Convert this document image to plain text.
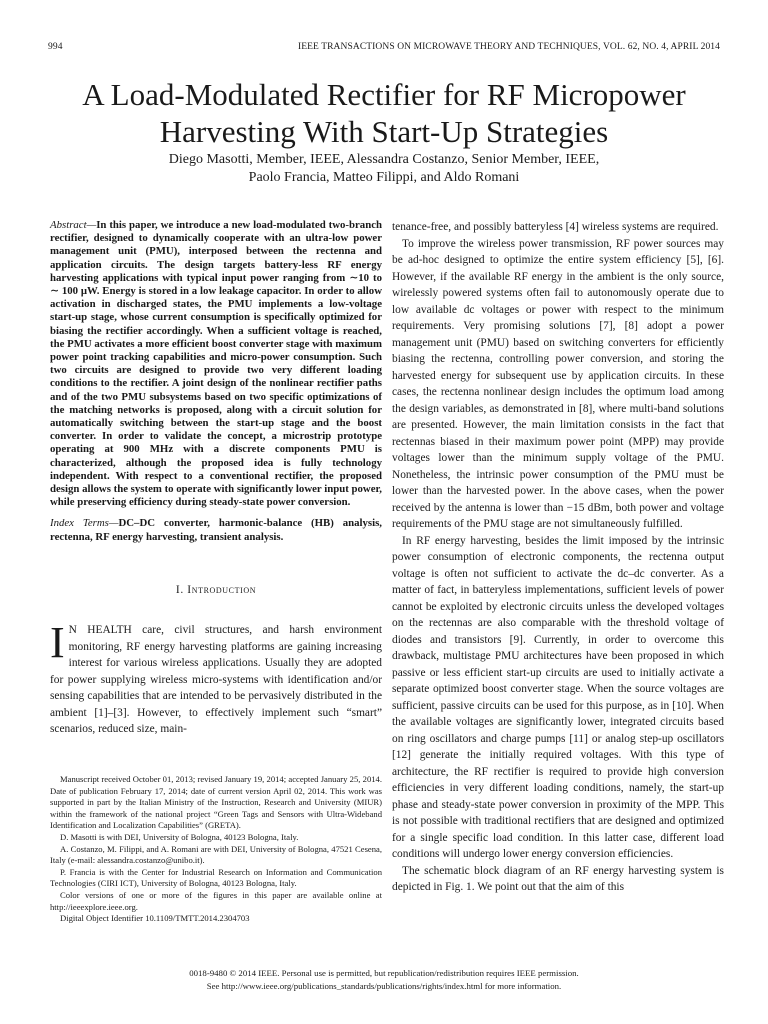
994	IEEE TRANSACTIONS ON MICROWAVE THEORY AND TECHNIQUES, VOL. 62, NO. 4, APRIL 2014
A Load-Modulated Rectifier for RF Micropower Harvesting With Start-Up Strategies
Diego Masotti, Member, IEEE, Alessandra Costanzo, Senior Member, IEEE,
Paolo Francia, Matteo Filippi, and Aldo Romani

Abstract—In this paper, we introduce a new load-modulated two-branch rectifier, designed to dynamically cooperate with an ultra-low power management unit (PMU), interposed between the rectenna and application circuits. The design targets battery-less RF energy harvesting applications with typical input power ranging from ∼10 to ∼ 100 μW. Energy is stored in a low leakage capacitor. In order to allow activation in discharged states, the PMU implements a low-voltage start-up stage, whose current consumption is specifically optimized for biasing the rectifier accordingly. When a sufficient voltage is reached, the PMU activates a more efficient boost converter stage with maximum power point tracking capabilities and micro-power consumption. Such two circuits are designed to provide two very different loading conditions to the rectifier. A joint design of the nonlinear rectifier paths and of the two PMU subsystems based on two specific optimizations of the matching networks is proposed, along with a circuit solution for automatically switching between the start-up stage and the boost converter. In order to validate the concept, a microstrip prototype operating at 900 MHz with a discrete components PMU is characterized, although the proposed idea is fully technology independent. With respect to a conventional rectifier, the proposed design allows the system to operate with significantly lower input power, while preserving efficiency during steady-state power conversion.

Index Terms—DC–DC converter, harmonic-balance (HB) analysis, rectenna, RF energy harvesting, transient analysis.

I. Introduction

I N HEALTH care, civil structures, and harsh environment monitoring, RF energy harvesting platforms are gaining increasing interest for various wireless applications. Usually they are adopted for power supplying wireless micro-systems with identification and/or sensing capabilities that are intended to be pervasively distributed in the ambient [1]–[3]. However, to effectively implement such “smart” scenarios, reduced size, main-

Manuscript received October 01, 2013; revised January 19, 2014; accepted January 25, 2014. Date of publication February 17, 2014; date of current version April 02, 2014. This work was supported in part by the Italian Ministry of the Instruction, Research and University (MIUR) within the framework of the national project “Green Tags and Sensors with Ultra-Wideband Identification and Localization Capabilities” (GRETA).

D. Masotti is with DEI, University of Bologna, 40123 Bologna, Italy.

A. Costanzo, M. Filippi, and A. Romani are with DEI, University of Bologna, 47521 Cesena, Italy (e-mail: alessandra.costanzo@unibo.it).

P. Francia is with the Center for Industrial Research on Information and Communication Technologies (CIRI ICT), University of Bologna, 40123 Bologna, Italy.

Color versions of one or more of the figures in this paper are available online at http://ieeexplore.ieee.org.

Digital Object Identifier 10.1109/TMTT.2014.2304703

tenance-free, and possibly batteryless [4] wireless systems are required.

To improve the wireless power transmission, RF power sources may be ad-hoc designed to optimize the entire system efficiency [5], [6]. However, if the available RF energy in the ambient is the only source, wirelessly powered systems often fail to autonomously operate due to low available dc voltages or power with respect to the minimum requirements. Very promising solutions [7], [8] adopt a power management unit (PMU) based on switching converters for efficiently biasing the rectenna, controlling power conversion, and storing the harvested energy for subsequent use by application circuits. In these cases, the rectenna nonlinear design includes the optimum load among the design variables, as demonstrated in [8], where multi-band solutions are presented. However, the main limitation consists in the fact that rectennas biased in their maximum power point (MPP) may provide voltages lower than the minimum supply voltage of the PMU. Nonetheless, the intrinsic power consumption of the PMU must be lower than the harvested power. In the above cases, when the power received by the antenna is lower than −15 dBm, both power and voltage requirements of the PMU stage are not simultaneously fulfilled.

In RF energy harvesting, besides the limit imposed by the intrinsic power consumption of electronic components, the rectenna output voltage is often not sufficient to activate the dc–dc converter. As a matter of fact, in batteryless implementations, sufficient levels of power cannot be exploited by electronic circuits unless the developed voltages on the rectennas are also comparable with the threshold voltage of diodes and transistors [9]. Currently, in order to overcome this drawback, multistage PMU architectures have been proposed in which passive or less efficient start-up circuits are used to initially activate a separate optimized boost converter stage. When the source voltages are sufficient, passive circuits can be used for this purpose, as in [10]. When the available voltages are significantly lower, integrated circuits based on ring oscillators and charge pumps [11] or analog step-up oscillators [12] generate the initially required voltages. With this type of architecture, the RF rectifier is required to provide high conversion efficiencies in very different loading conditions, namely, the start-up phase and steady-state power conversion in proximity of the MPP. This is not possible with traditional rectifiers that are designed and optimized for a single specific load condition. In this latter case, different load conditions will undergo lower energy conversion efficiencies.

The schematic block diagram of an RF energy harvesting system is depicted in Fig. 1. We point out that the aim of this

0018-9480 © 2014 IEEE. Personal use is permitted, but republication/redistribution requires IEEE permission.
See http://www.ieee.org/publications_standards/publications/rights/index.html for more information.
